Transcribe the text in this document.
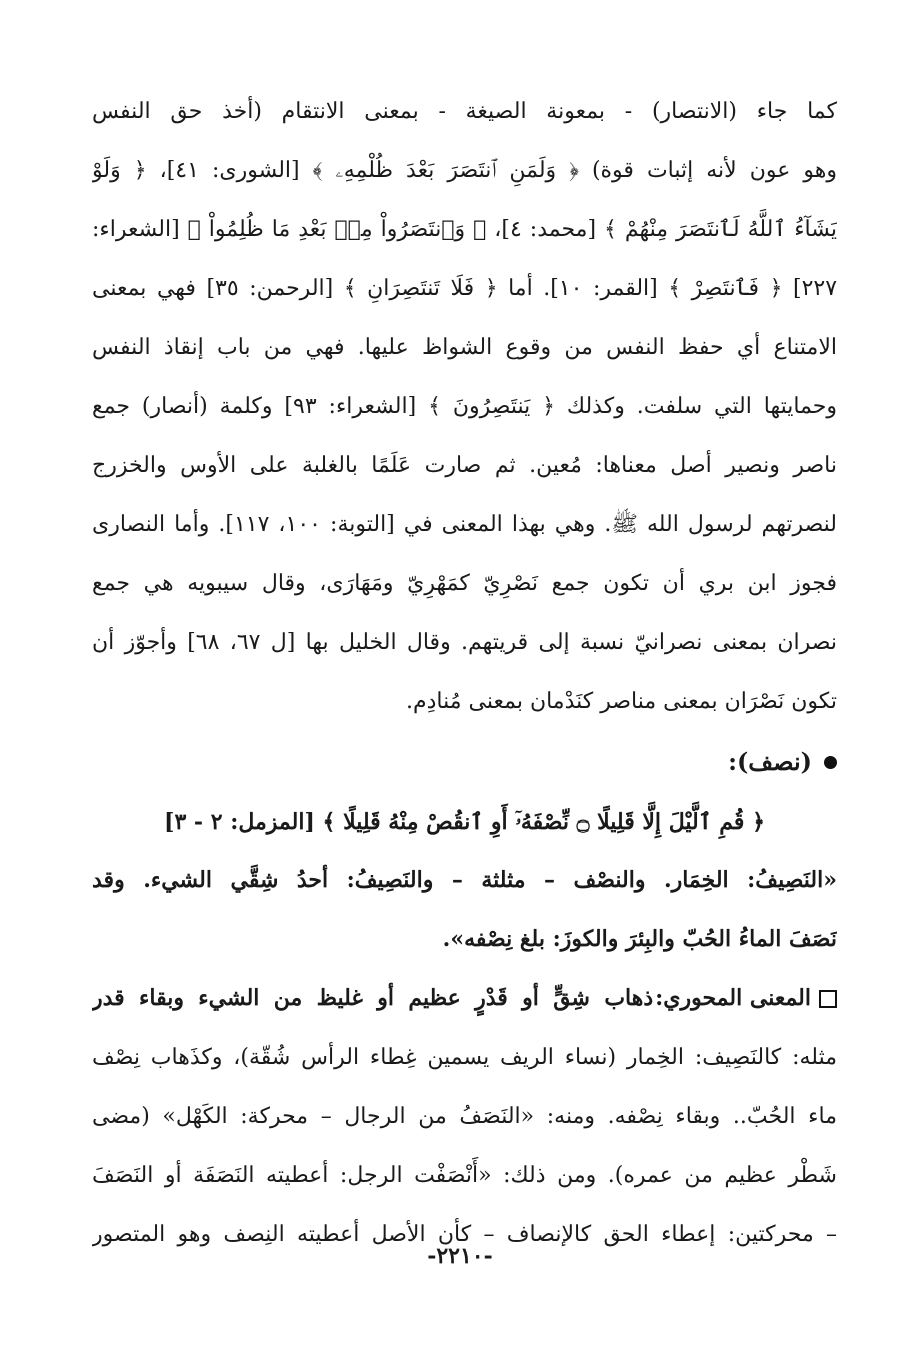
كما جاء (الانتصار) - بمعونة الصيغة - بمعنى الانتقام (أخذ حق النفس
وهو عون لأنه إثبات قوة) ﴿ وَلَمَنِ ٱنتَصَرَ بَعْدَ ظُلْمِهِۦ ﴾ [الشورى: ٤١]، ﴿ وَلَوْ
يَشَآءُ ٱللَّهُ لَٱنتَصَرَ مِنْهُمْ ﴾ [محمد: ٤]، ﴿ وَٱنتَصَرُواْ مِنۢ بَعْدِ مَا ظُلِمُواْ ﴾ [الشعراء:
٢٢٧] ﴿ فَٱنتَصِرْ ﴾ [القمر: ١٠]. أما ﴿ فَلَا تَنتَصِرَانِ ﴾ [الرحمن: ٣٥] فهي بمعنى
الامتناع أي حفظ النفس من وقوع الشواظ عليها. فهي من باب إنقاذ النفس
وحمايتها التي سلفت. وكذلك ﴿ يَنتَصِرُونَ ﴾ [الشعراء: ٩٣] وكلمة (أنصار) جمع
ناصر ونصير أصل معناها: مُعين. ثم صارت عَلَمًا بالغلبة على الأوس والخزرج
لنصرتهم لرسول الله ﷺ. وهي بهذا المعنى في [التوبة: ١٠٠، ١١٧]. وأما النصارى
فجوز ابن بري أن تكون جمع نَصْرِيّ كمَهْرِيّ ومَهَارَى، وقال سيبويه هي جمع
نصران بمعنى نصرانيّ نسبة إلى قريتهم. وقال الخليل بها [ل ٦٧، ٦٨] وأجوّز أن
تكون نَصْرَان بمعنى مناصر كنَدْمان بمعنى مُنادِم.
(نصف):
﴿ قُمِ ٱلَّيْلَ إِلَّا قَلِيلًا ۝ نِّصْفَهُۥٓ أَوِ ٱنقُصْ مِنْهُ قَلِيلًا ﴾ [المزمل: ٢ - ٣]
«النَصِيفُ: الخِمَار. والنصْف – مثلثة – والنَصِيفُ: أحدُ شِقَّي الشيء. وقد
نَصَفَ الماءُ الحُبّ والبِئرَ والكوزَ: بلغ نِصْفه».
المعنى المحوري:
ذهاب شِقٍّ أو قَدْرٍ عظيم أو غليظ من الشيء وبقاء قدر
مثله: كالنَصِيف: الخِمار (نساء الريف يسمين غِطاء الرأس شُقّة)، وكذَهاب نِصْف
ماء الحُبّ.. وبقاء نِصْفه. ومنه: «النَصَفُ من الرجال – محركة: الكَهْل» (مضى
شَطْر عظيم من عمره). ومن ذلك: «أَنْصَفْت الرجل: أعطيته النَصَفَة أو النَصَفَ
– محركتين: إعطاء الحق كالإنصاف – كأن الأصل أعطيته النِصف وهو المتصور
-٢٢١٠-
